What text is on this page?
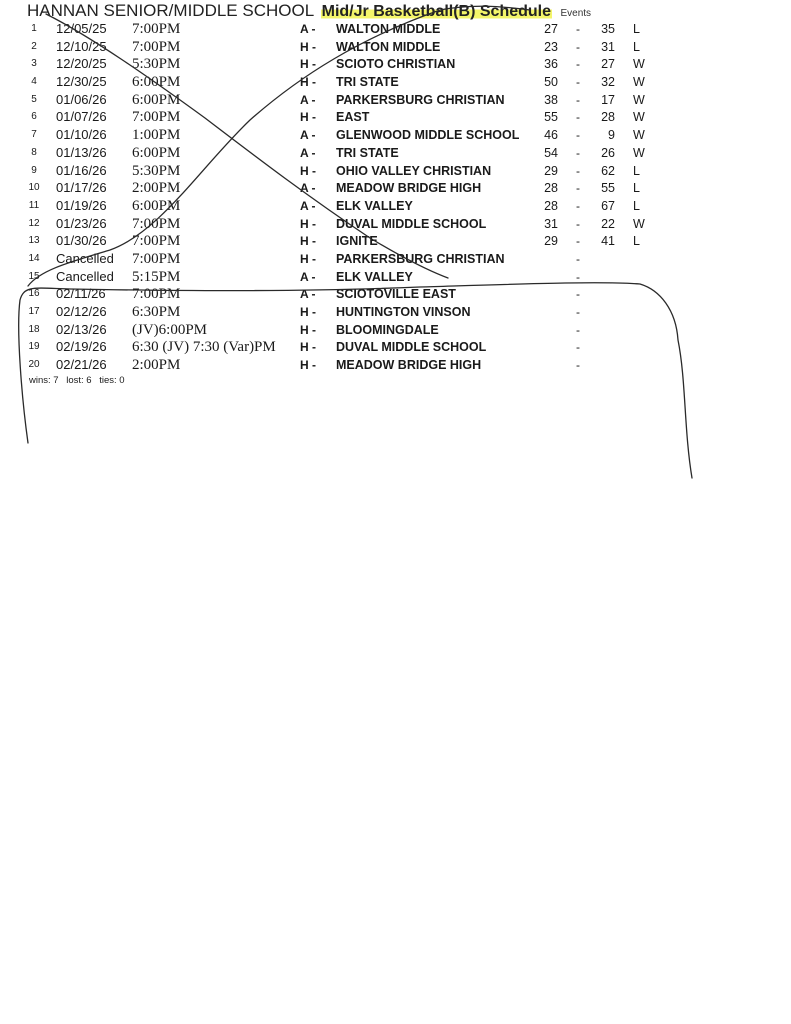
HANNAN SENIOR/MIDDLE SCHOOL Mid/Jr Basketball(B) Schedule Events
1 12/05/25 7:00PM	A - WALTON MIDDLE	27 -	35 L
2 12/10/25 7:00PM	H - WALTON MIDDLE	23 -	31 L
3 12/20/25 5:30PM	H - SCIOTO CHRISTIAN	36 -	27 W
4 12/30/25 6:00PM	H - TRI STATE	50 -	32 W
5 01/06/26 6:00PM	A - PARKERSBURG CHRISTIAN	38 -	17 W
6 01/07/26 7:00PM	H - EAST	55 -	28 W
7 01/10/26 1:00PM	A - GLENWOOD MIDDLE SCHOOL	46 -	9 W
8 01/13/26 6:00PM	A - TRI STATE	54 -	26 W
9 01/16/26 5:30PM	H - OHIO VALLEY CHRISTIAN	29 -	62 L
10 01/17/26 2:00PM	A - MEADOW BRIDGE HIGH	28 -	55 L
11 01/19/26 6:00PM	A - ELK VALLEY	28 -	67 L
12 01/23/26 7:00PM	H - DUVAL MIDDLE SCHOOL	31 -	22 W
13 01/30/26 7:00PM	H - IGNITE	29 -	41 L
14 Cancelled 7:00PM	H - PARKERSBURG CHRISTIAN	-
15 Cancelled 5:15PM	A - ELK VALLEY	-
16 02/11/26 7:00PM	A - SCIOTOVILLE EAST	-
17 02/12/26 6:30PM	H - HUNTINGTON VINSON	-
18 02/13/26 (JV)6:00PM	H - BLOOMINGDALE	-
19 02/19/26 6:30 (JV) 7:30 (Var)PM H - DUVAL MIDDLE SCHOOL	-
20 02/21/26 2:00PM	H - MEADOW BRIDGE HIGH	-
wins: 7 lost: 6 ties: 0
